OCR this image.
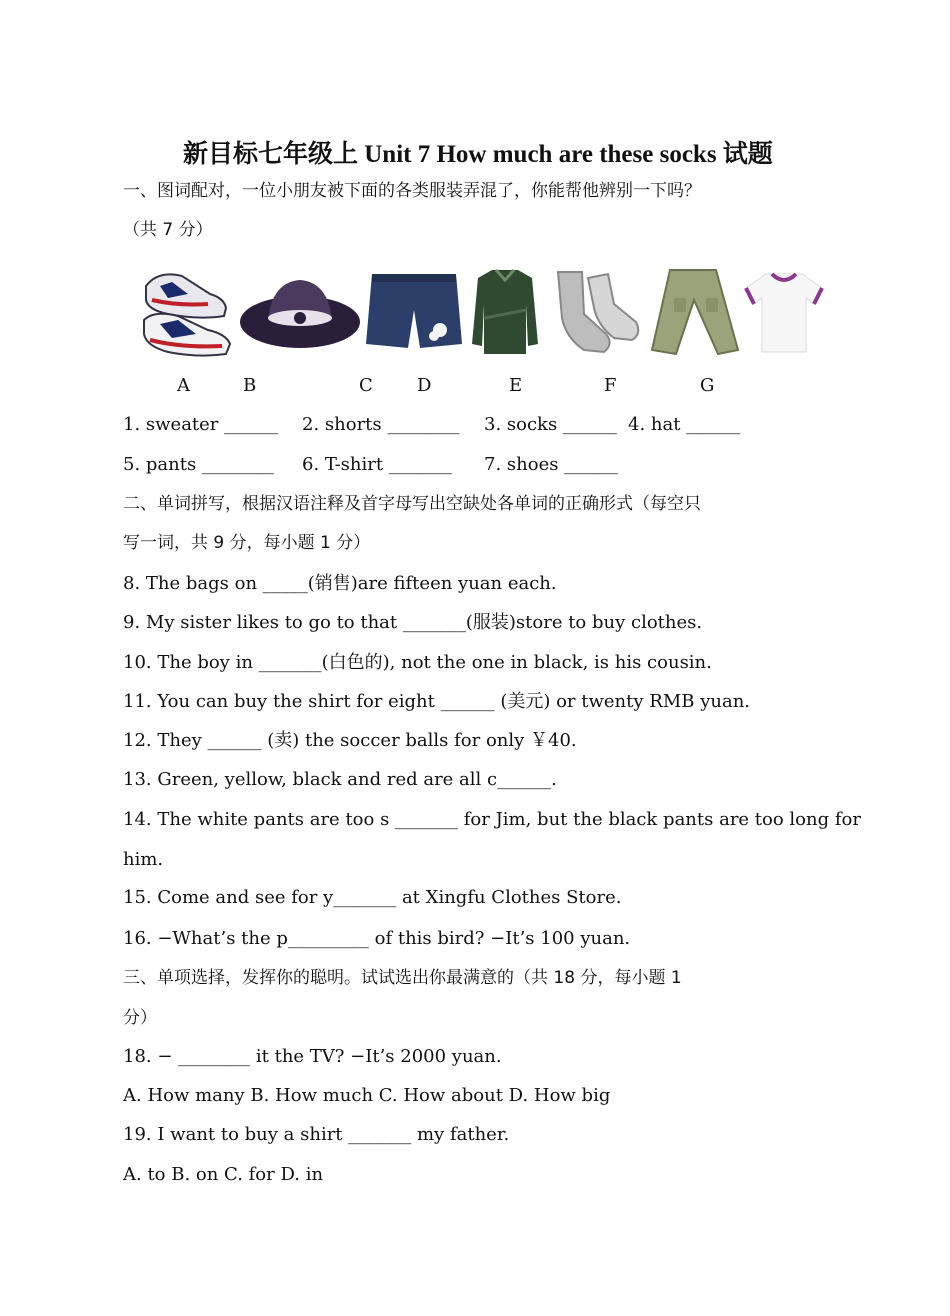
新目标七年级上 Unit 7 How much are these socks 试题
一、图词配对，一位小朋友被下面的各类服装弄混了，你能帮他辨别一下吗？
（共 7 分）
A	B	C D	E	F	G
1. sweater ______ 2. shorts ________ 3. socks ______ 4. hat ______
5. pants ________ 6. T-shirt _______ 7. shoes ______
二、单词拼写，根据汉语注释及首字母写出空缺处各单词的正确形式（每空只
写一词，共 9 分，每小题 1 分）
8. The bags on _____(销售)are fifteen yuan each.
9. My sister likes to go to that _______(服装)store to buy clothes.
10. The boy in _______(白色的), not the one in black, is his cousin.
11. You can buy the shirt for eight ______ (美元) or twenty RMB yuan.
12. They ______ (卖) the soccer balls for only ￥40.
13. Green, yellow, black and red are all c______.
14. The white pants are too s _______ for Jim, but the black pants are too long for
him.
15. Come and see for y_______ at Xingfu Clothes Store.
16. −What’s the p_________ of this bird? −It’s 100 yuan.
三、单项选择，发挥你的聪明。试试选出你最满意的（共 18 分，每小题 1
分）
18. − ________ it the TV? −It’s 2000 yuan.
A. How many B. How much C. How about D. How big
19. I want to buy a shirt _______ my father.
A. to B. on C. for D. in
